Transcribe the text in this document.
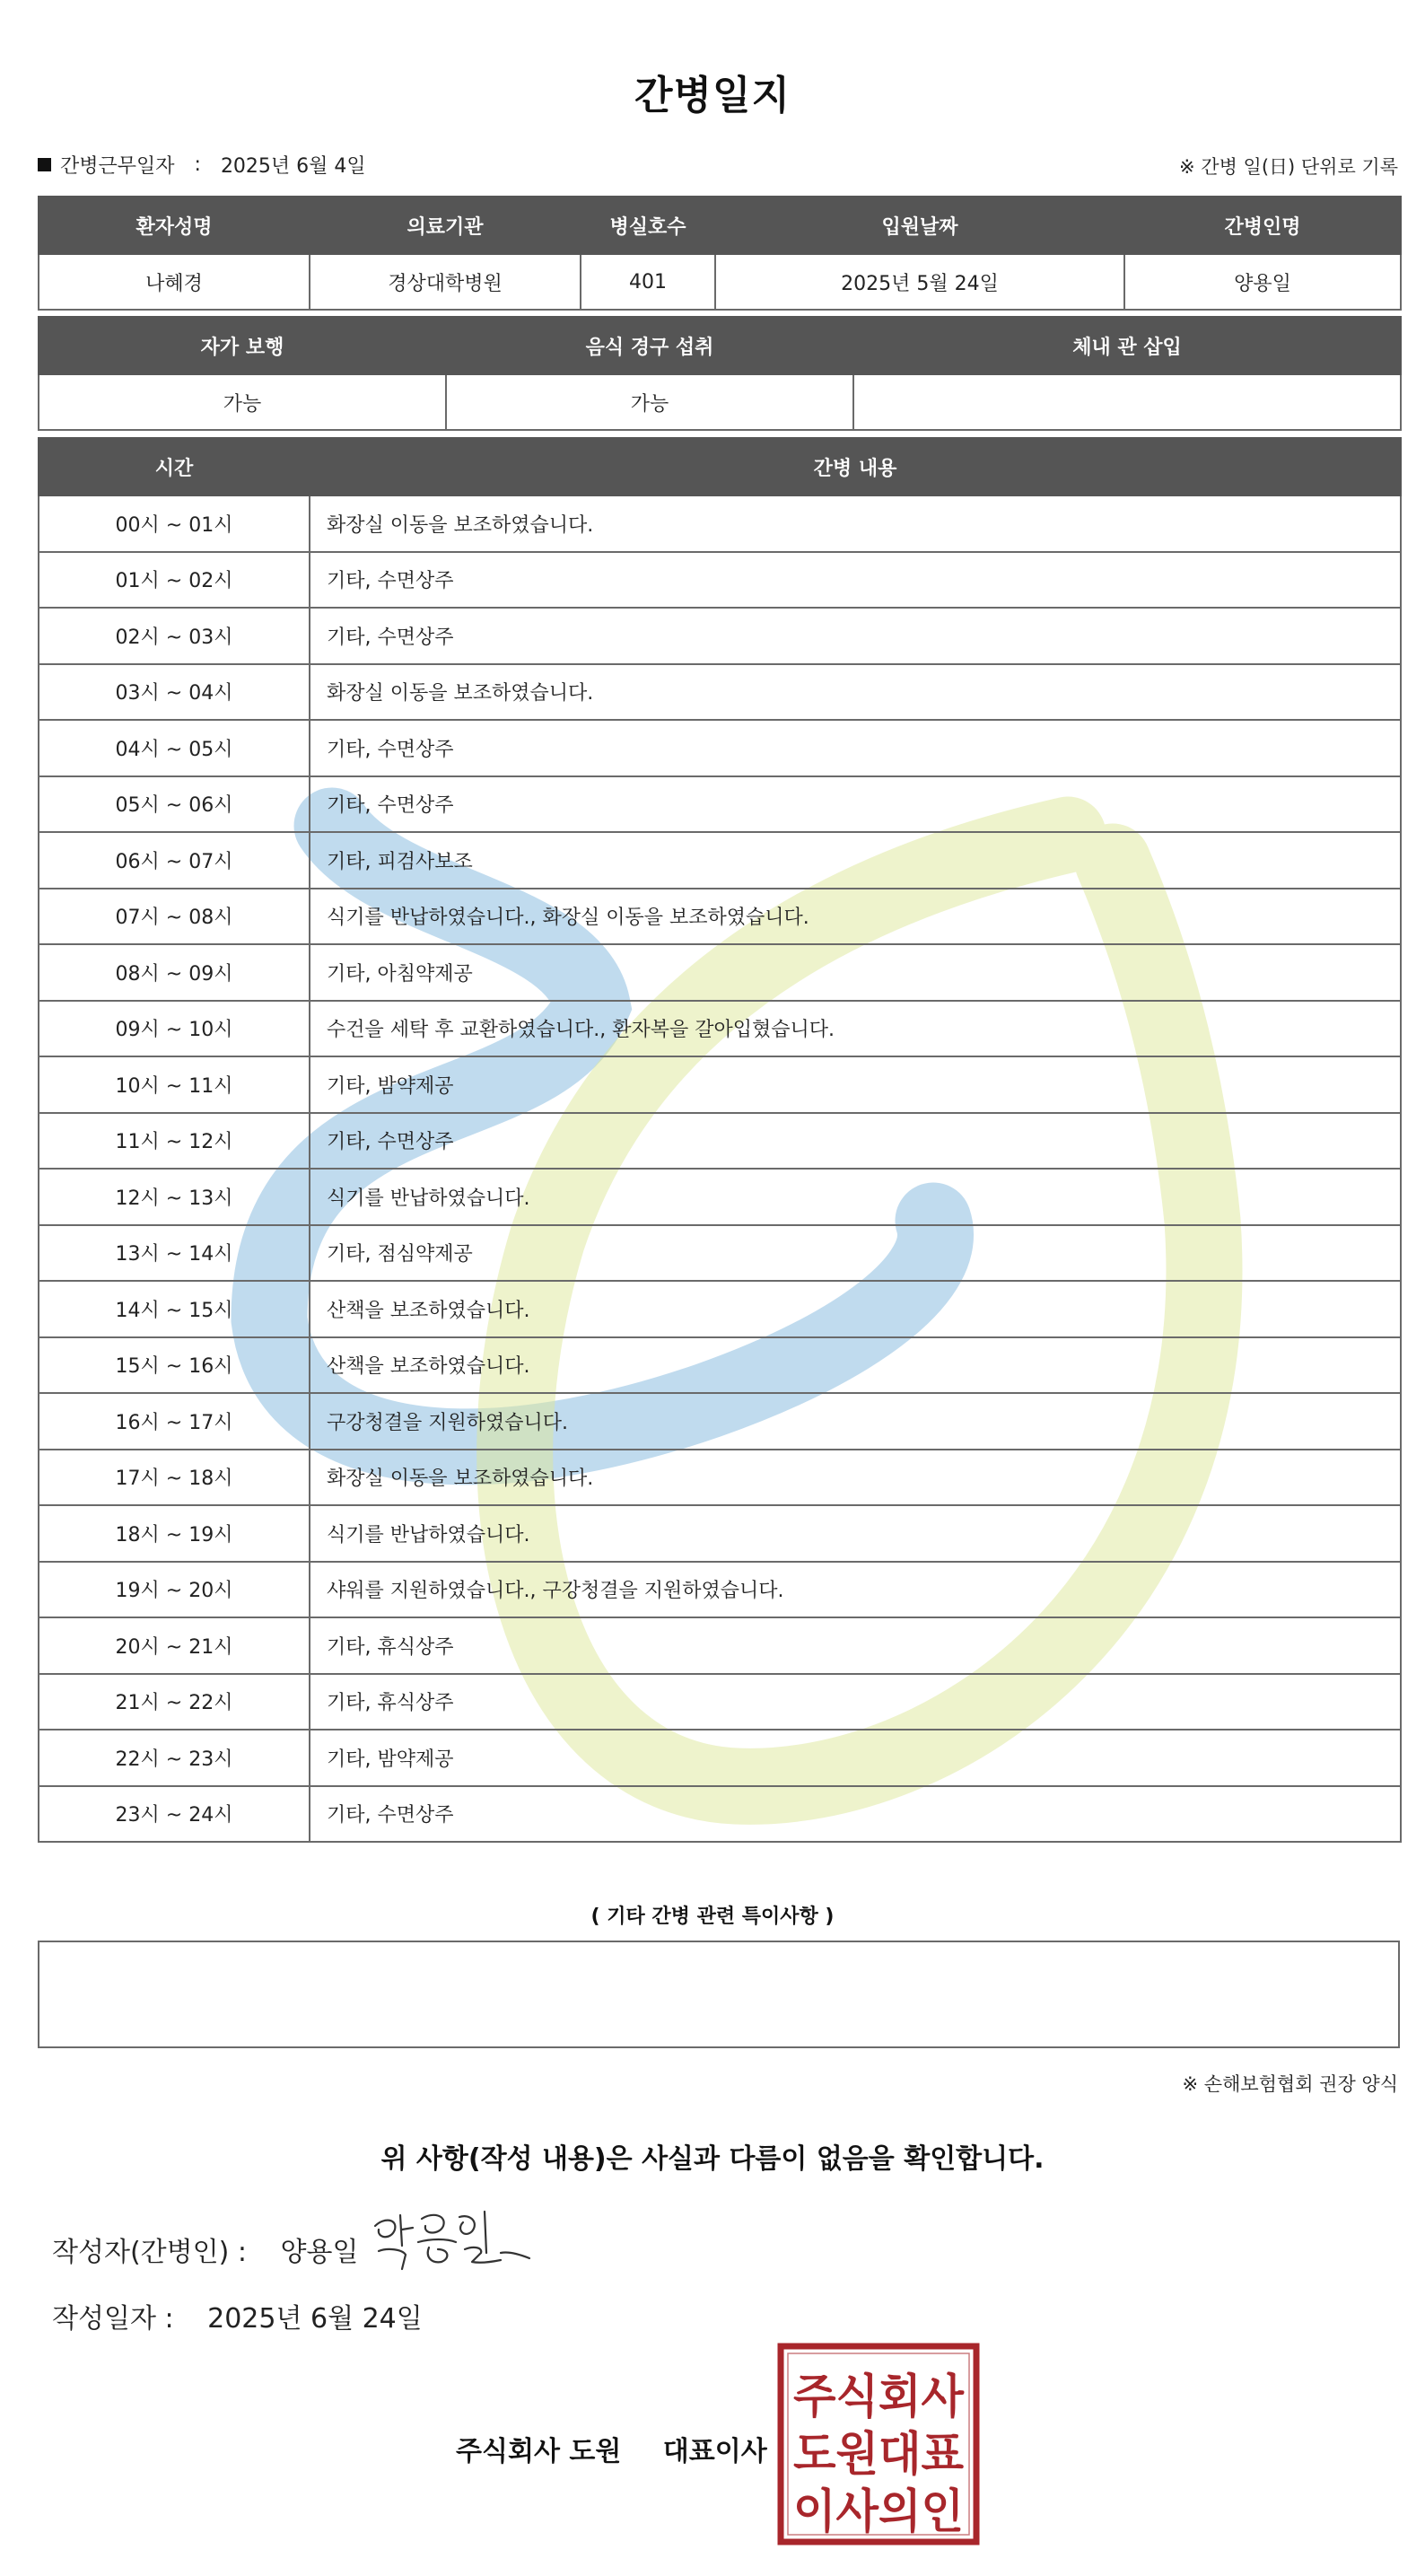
간병일지
간병근무일자 : 2025년 6월 4일	※ 간병 일(日) 단위로 기록
환자성명	의료기관	병실호수	입원날짜	간병인명
나혜경	경상대학병원	401	2025년 5월 24일	양용일
자가 보행	음식 경구 섭취	체내 관 삽입
가능	가능	
시간	간병 내용
00시 ~ 01시	화장실 이동을 보조하였습니다.
01시 ~ 02시	기타, 수면상주
02시 ~ 03시	기타, 수면상주
03시 ~ 04시	화장실 이동을 보조하였습니다.
04시 ~ 05시	기타, 수면상주
05시 ~ 06시	기타, 수면상주
06시 ~ 07시	기타, 피검사보조
07시 ~ 08시	식기를 반납하였습니다., 화장실 이동을 보조하였습니다.
08시 ~ 09시	기타, 아침약제공
09시 ~ 10시	수건을 세탁 후 교환하였습니다., 환자복을 갈아입혔습니다.
10시 ~ 11시	기타, 밤약제공
11시 ~ 12시	기타, 수면상주
12시 ~ 13시	식기를 반납하였습니다.
13시 ~ 14시	기타, 점심약제공
14시 ~ 15시	산책을 보조하였습니다.
15시 ~ 16시	산책을 보조하였습니다.
16시 ~ 17시	구강청결을 지원하였습니다.
17시 ~ 18시	화장실 이동을 보조하였습니다.
18시 ~ 19시	식기를 반납하였습니다.
19시 ~ 20시	샤워를 지원하였습니다., 구강청결을 지원하였습니다.
20시 ~ 21시	기타, 휴식상주
21시 ~ 22시	기타, 휴식상주
22시 ~ 23시	기타, 밤약제공
23시 ~ 24시	기타, 수면상주
( 기타 간병 관련 특이사항 )
※ 손해보험협회 권장 양식
위 사항(작성 내용)은 사실과 다름이 없음을 확인합니다.
작성자(간병인) : 양용일
작성일자 : 2025년 6월 24일
주식회사 도원 대표이사
주식회사
도원대표
이사의인
